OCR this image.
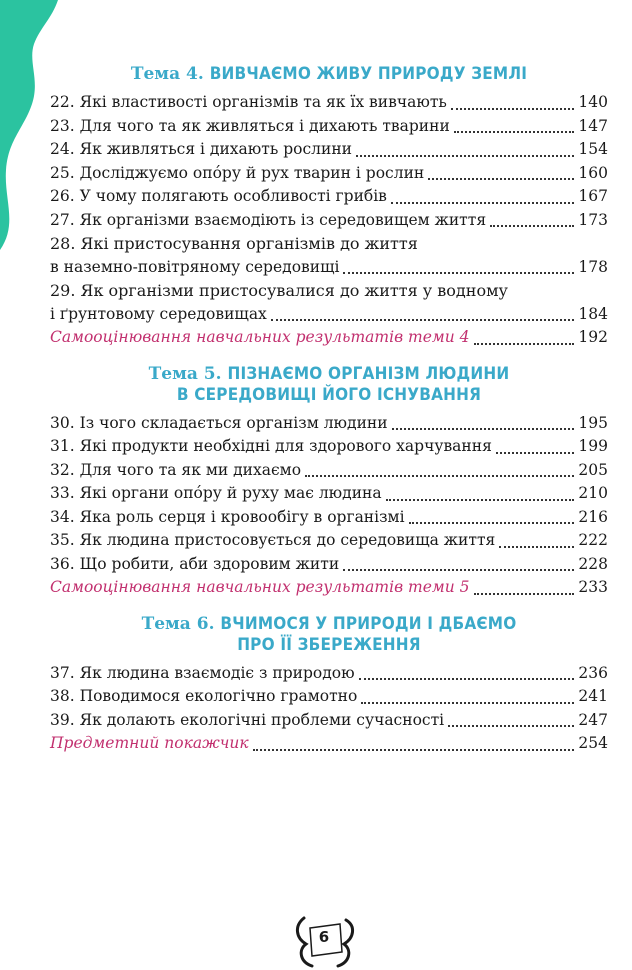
Тема 4. ВИВЧАЄМО ЖИВУ ПРИРОДУ ЗЕМЛІ
22. Які властивості організмів та як їх вивчають	140
23. Для чого та як живляться і дихають тварини	147
24. Як живляться і дихають рослини	154
25. Досліджуємо опо́ру й рух тварин і рослин	160
26. У чому полягають особливості грибів	167
27. Як організми взаємодіють із середовищем життя	173
28. Які пристосування організмів до життя
в наземно-повітряному середовищі	178
29. Як організми пристосувалися до життя у водному
і ґрунтовому середовищах	184
Самооцінювання навчальних результатів теми 4	192
Тема 5. ПІЗНАЄМО ОРГАНІЗМ ЛЮДИНИ
В СЕРЕДОВИЩІ ЙОГО ІСНУВАННЯ
30. Із чого складається організм людини	195
31. Які продукти необхідні для здорового харчування	199
32. Для чого та як ми дихаємо	205
33. Які органи опо́ру й руху має людина	210
34. Яка роль серця і кровообігу в організмі	216
35. Як людина пристосовується до середовища життя	222
36. Що робити, аби здоровим жити	228
Самооцінювання навчальних результатів теми 5	233
Тема 6. ВЧИМОСЯ У ПРИРОДИ І ДБАЄМО
ПРО ЇЇ ЗБЕРЕЖЕННЯ
37. Як людина взаємодіє з природою	236
38. Поводимося екологічно грамотно	241
39. Як долають екологічні проблеми сучасності	247
Предметний покажчик	254
6
